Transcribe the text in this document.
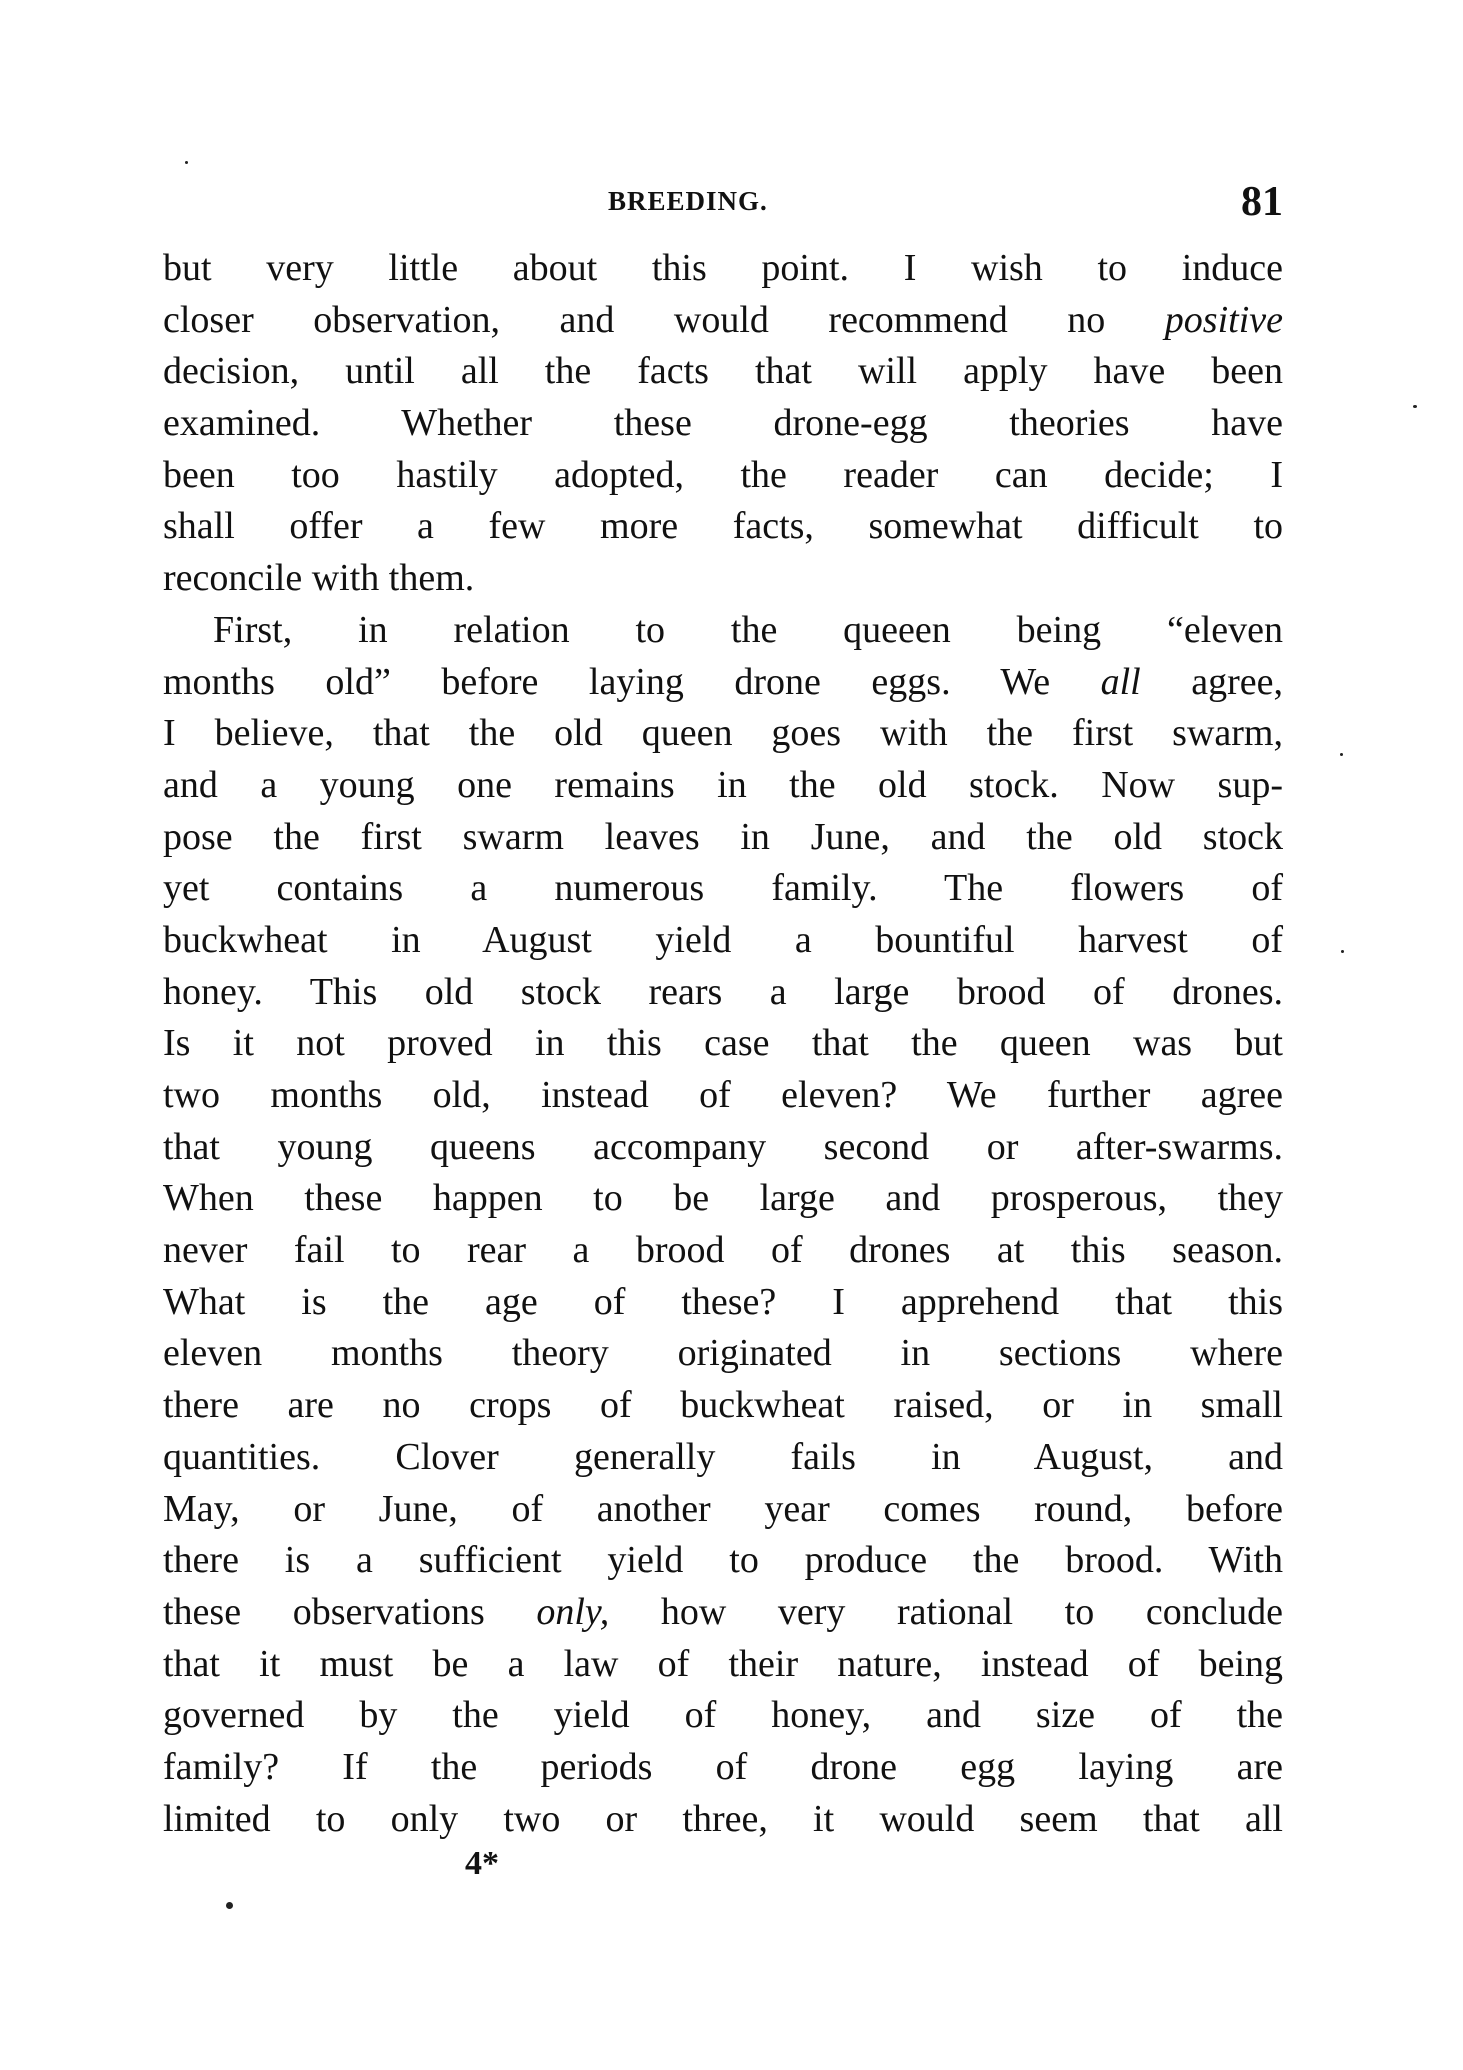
BREEDING.	81
but very little about this point. I wish to induce
closer observation, and would recommend no positive
decision, until all the facts that will apply have been
examined. Whether these drone-egg theories have
been too hastily adopted, the reader can decide; I
shall offer a few more facts, somewhat difficult to
reconcile with them.
First, in relation to the queeen being “eleven
months old” before laying drone eggs. We all agree,
I believe, that the old queen goes with the first swarm,
and a young one remains in the old stock. Now sup-
pose the first swarm leaves in June, and the old stock
yet contains a numerous family. The flowers of
buckwheat in August yield a bountiful harvest of
honey. This old stock rears a large brood of drones.
Is it not proved in this case that the queen was but
two months old, instead of eleven? We further agree
that young queens accompany second or after-swarms.
When these happen to be large and prosperous, they
never fail to rear a brood of drones at this season.
What is the age of these? I apprehend that this
eleven months theory originated in sections where
there are no crops of buckwheat raised, or in small
quantities. Clover generally fails in August, and
May, or June, of another year comes round, before
there is a sufficient yield to produce the brood. With
these observations only, how very rational to conclude
that it must be a law of their nature, instead of being
governed by the yield of honey, and size of the
family? If the periods of drone egg laying are
limited to only two or three, it would seem that all
4*
